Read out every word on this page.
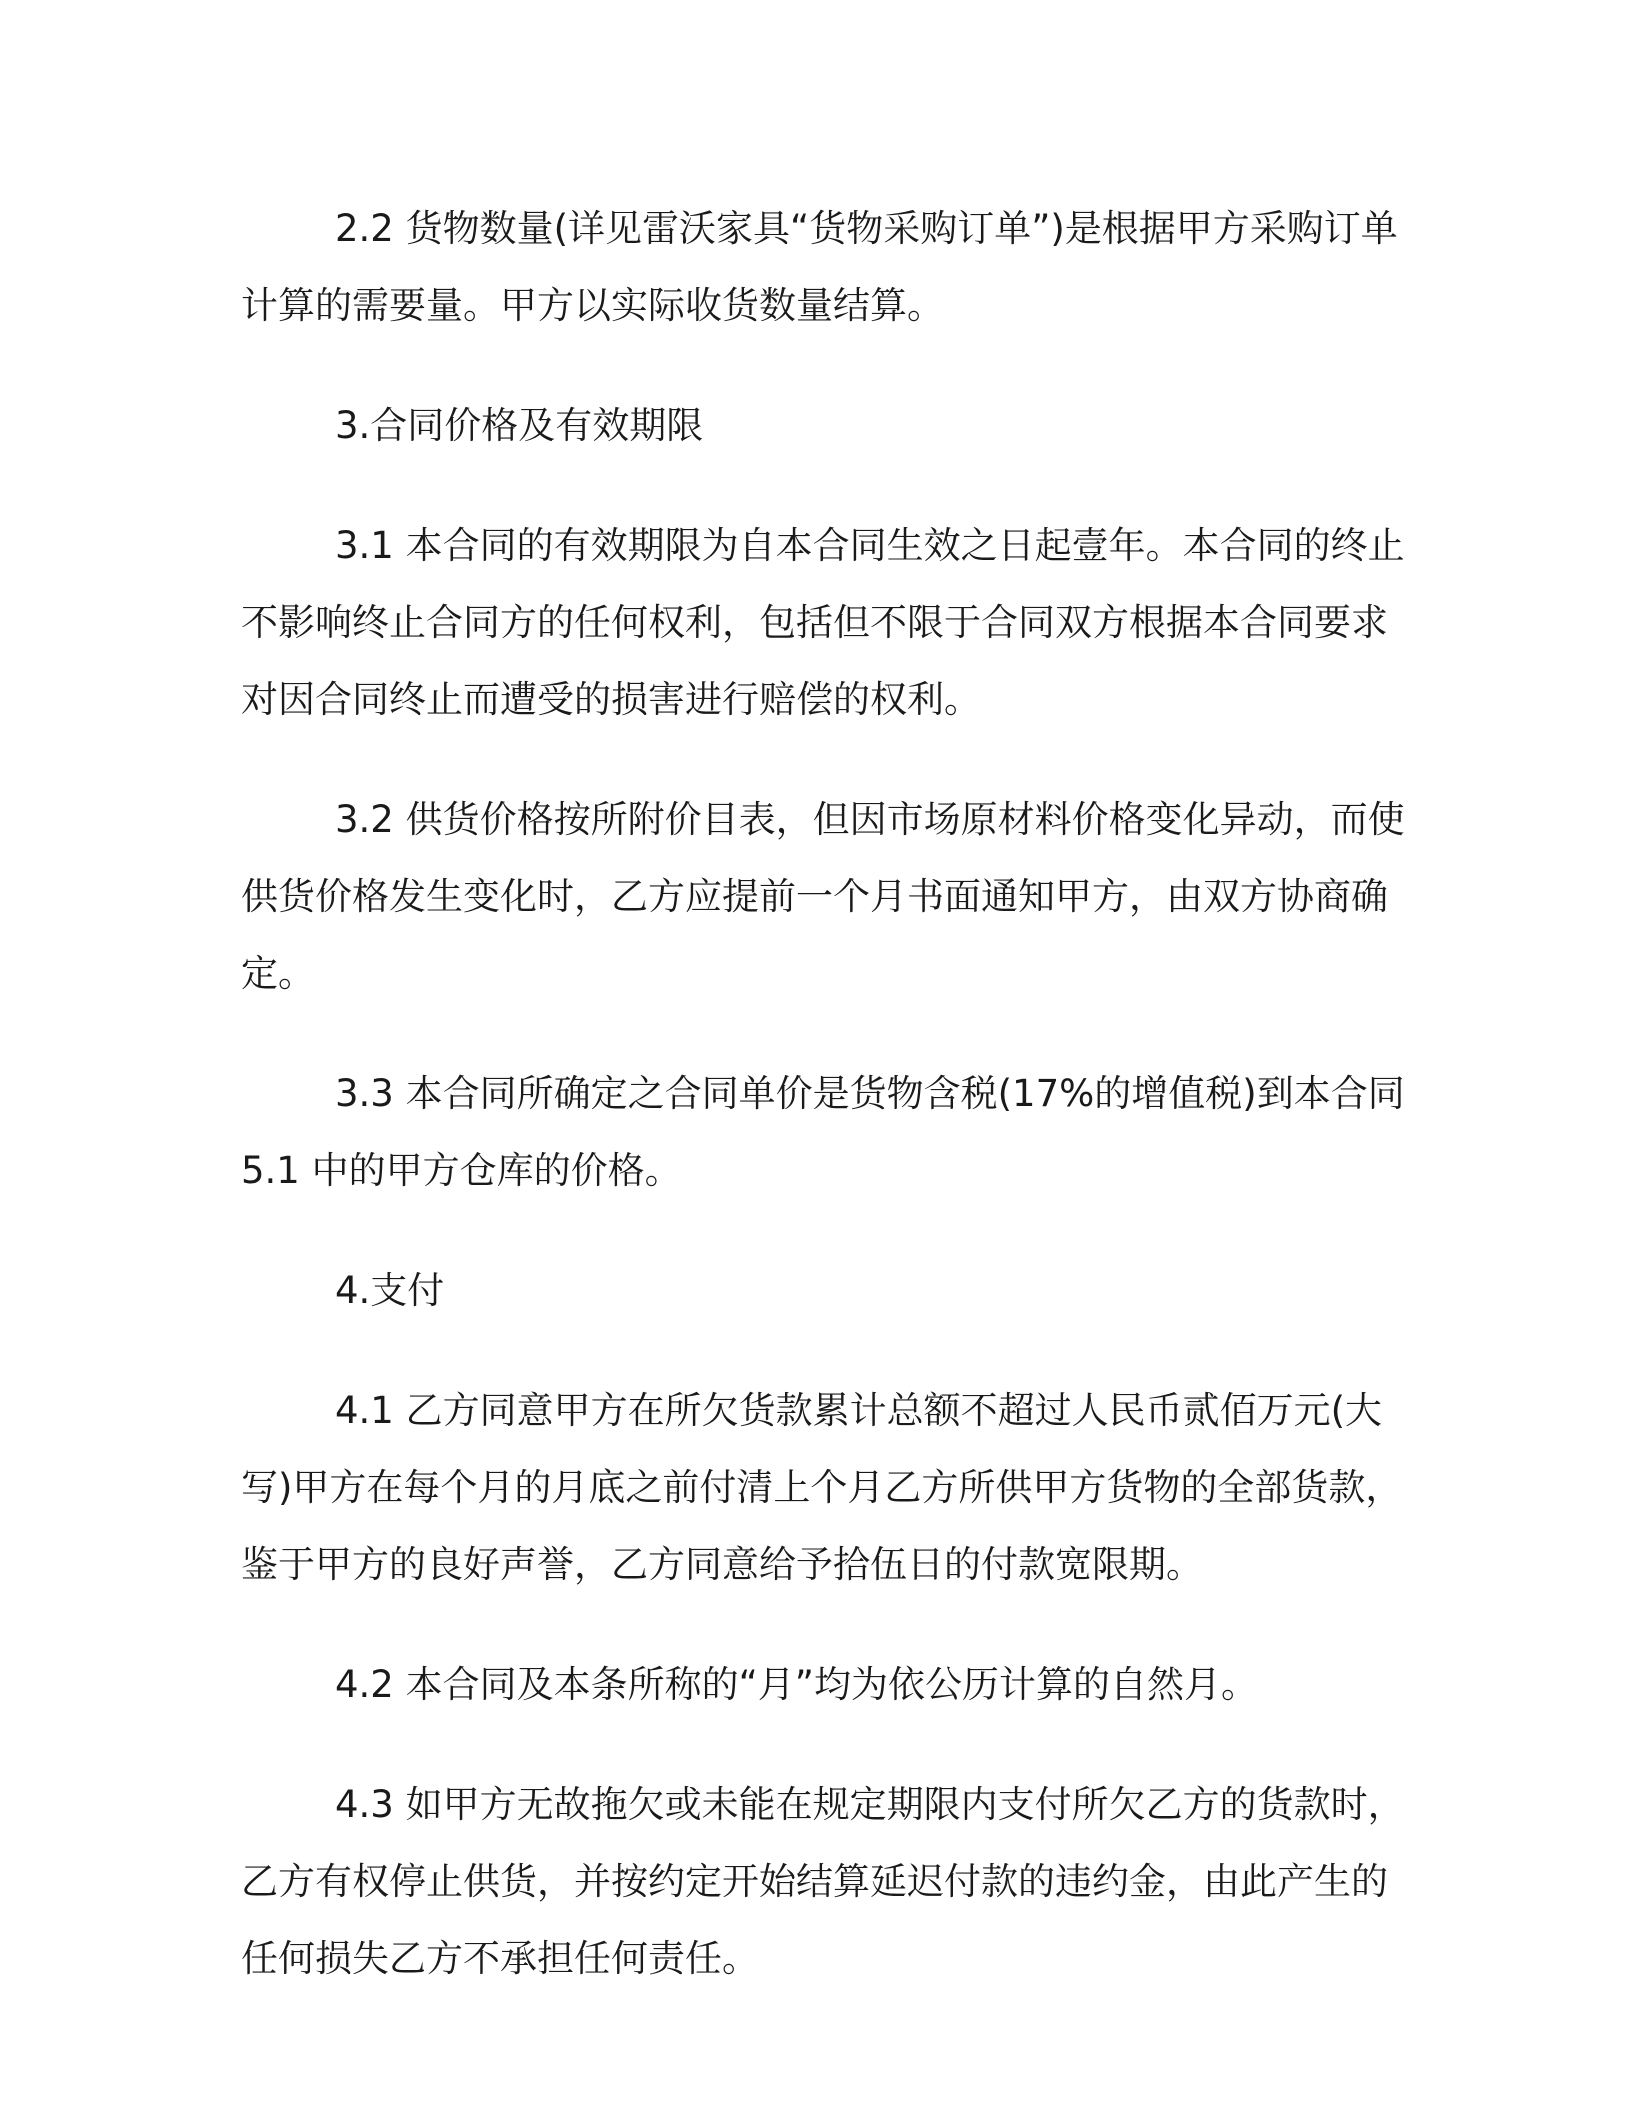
2.2 货物数量(详见雷沃家具“货物采购订单”)是根据甲方采购订单计算的需要量。甲方以实际收货数量结算。

3.合同价格及有效期限

3.1 本合同的有效期限为自本合同生效之日起壹年。本合同的终止不影响终止合同方的任何权利，包括但不限于合同双方根据本合同要求对因合同终止而遭受的损害进行赔偿的权利。

3.2 供货价格按所附价目表，但因市场原材料价格变化异动，而使供货价格发生变化时，乙方应提前一个月书面通知甲方，由双方协商确定。

3.3 本合同所确定之合同单价是货物含税(17%的增值税)到本合同 5.1 中的甲方仓库的价格。

4.支付

4.1 乙方同意甲方在所欠货款累计总额不超过人民币贰佰万元(大写)甲方在每个月的月底之前付清上个月乙方所供甲方货物的全部货款，鉴于甲方的良好声誉，乙方同意给予拾伍日的付款宽限期。

4.2 本合同及本条所称的“月”均为依公历计算的自然月。

4.3 如甲方无故拖欠或未能在规定期限内支付所欠乙方的货款时，乙方有权停止供货，并按约定开始结算延迟付款的违约金，由此产生的任何损失乙方不承担任何责任。
